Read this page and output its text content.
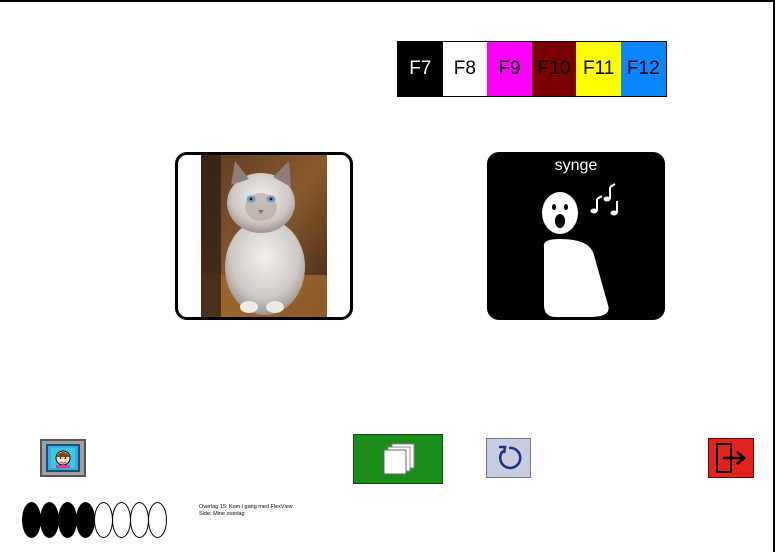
F7	F8	F9 F10 F11 F12
synge
Overlag 15: Kom i gang med FlexView
Side: Mine overlag
